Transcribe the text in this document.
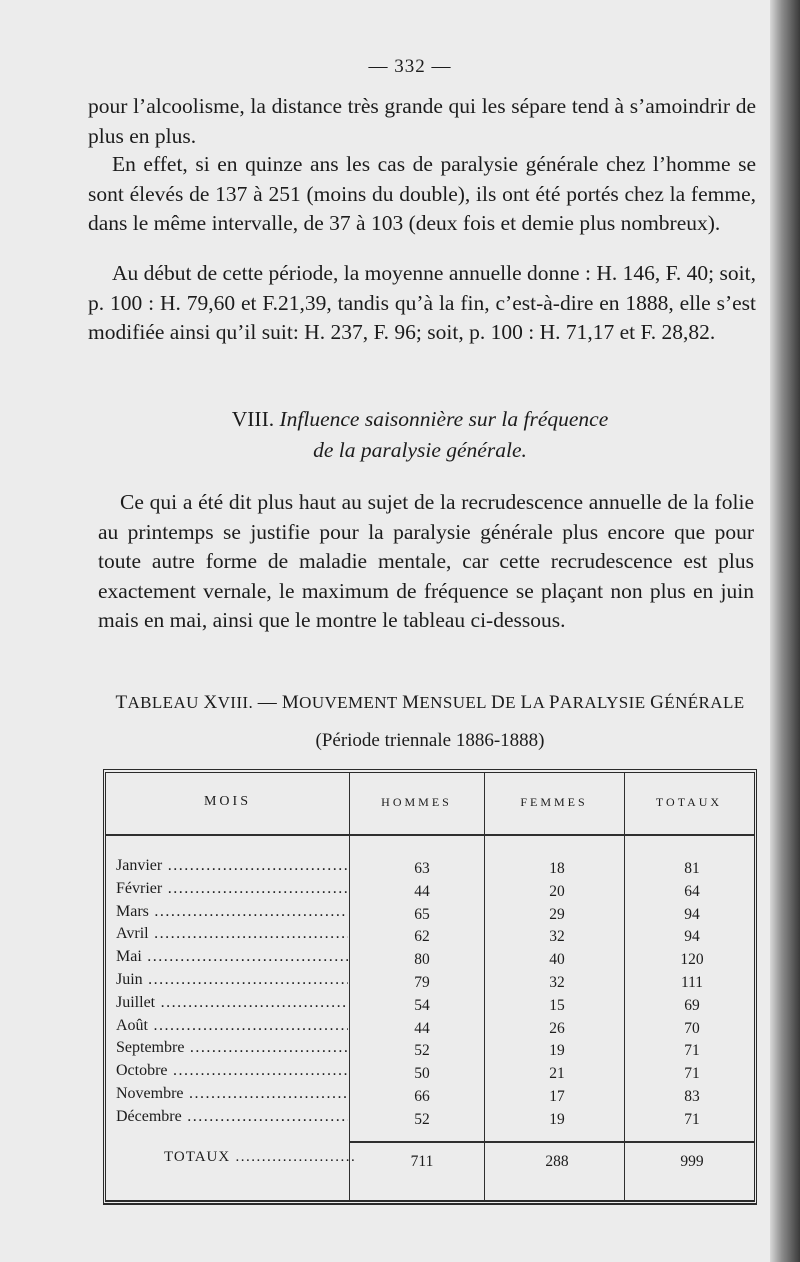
— 332 —

pour l’alcoolisme, la distance très grande qui les sépare tend à s’amoindrir de plus en plus.

En effet, si en quinze ans les cas de paralysie générale chez l’homme se sont élevés de 137 à 251 (moins du double), ils ont été portés chez la femme, dans le même intervalle, de 37 à 103 (deux fois et demie plus nombreux).

Au début de cette période, la moyenne annuelle donne : H. 146, F. 40; soit, p. 100 : H. 79,60 et F.21,39, tandis qu’à la fin, c’est-à-dire en 1888, elle s’est modifiée ainsi qu’il suit: H. 237, F. 96; soit, p. 100 : H. 71,17 et F. 28,82.

VIII. Influence saisonnière sur la fréquence
de la paralysie générale.

Ce qui a été dit plus haut au sujet de la recrudescence annuelle de la folie au printemps se justifie pour la paralysie générale plus encore que pour toute autre forme de maladie mentale, car cette recrudescence est plus exactement vernale, le maximum de fréquence se plaçant non plus en juin mais en mai, ainsi que le montre le tableau ci-dessous.

TABLEAU XVIII. — MOUVEMENT MENSUEL DE LA PARALYSIE GÉNÉRALE
(Période triennale 1886-1888)
MOIS	HOMMES	FEMMES	TOTAUX
Janvier .....	63	18	81
Février .....	44	20	64
Mars .....	65	29	94
Avril .....	62	32	94
Mai .....	80	40	120
Juin .....	79	32	111
Juillet .....	54	15	69
Août .....	44	26	70
Septembre .....	52	19	71
Octobre .....	50	21	71
Novembre .....	66	17	83
Décembre .....	52	19	71
TOTAUX .....	711	288	999
